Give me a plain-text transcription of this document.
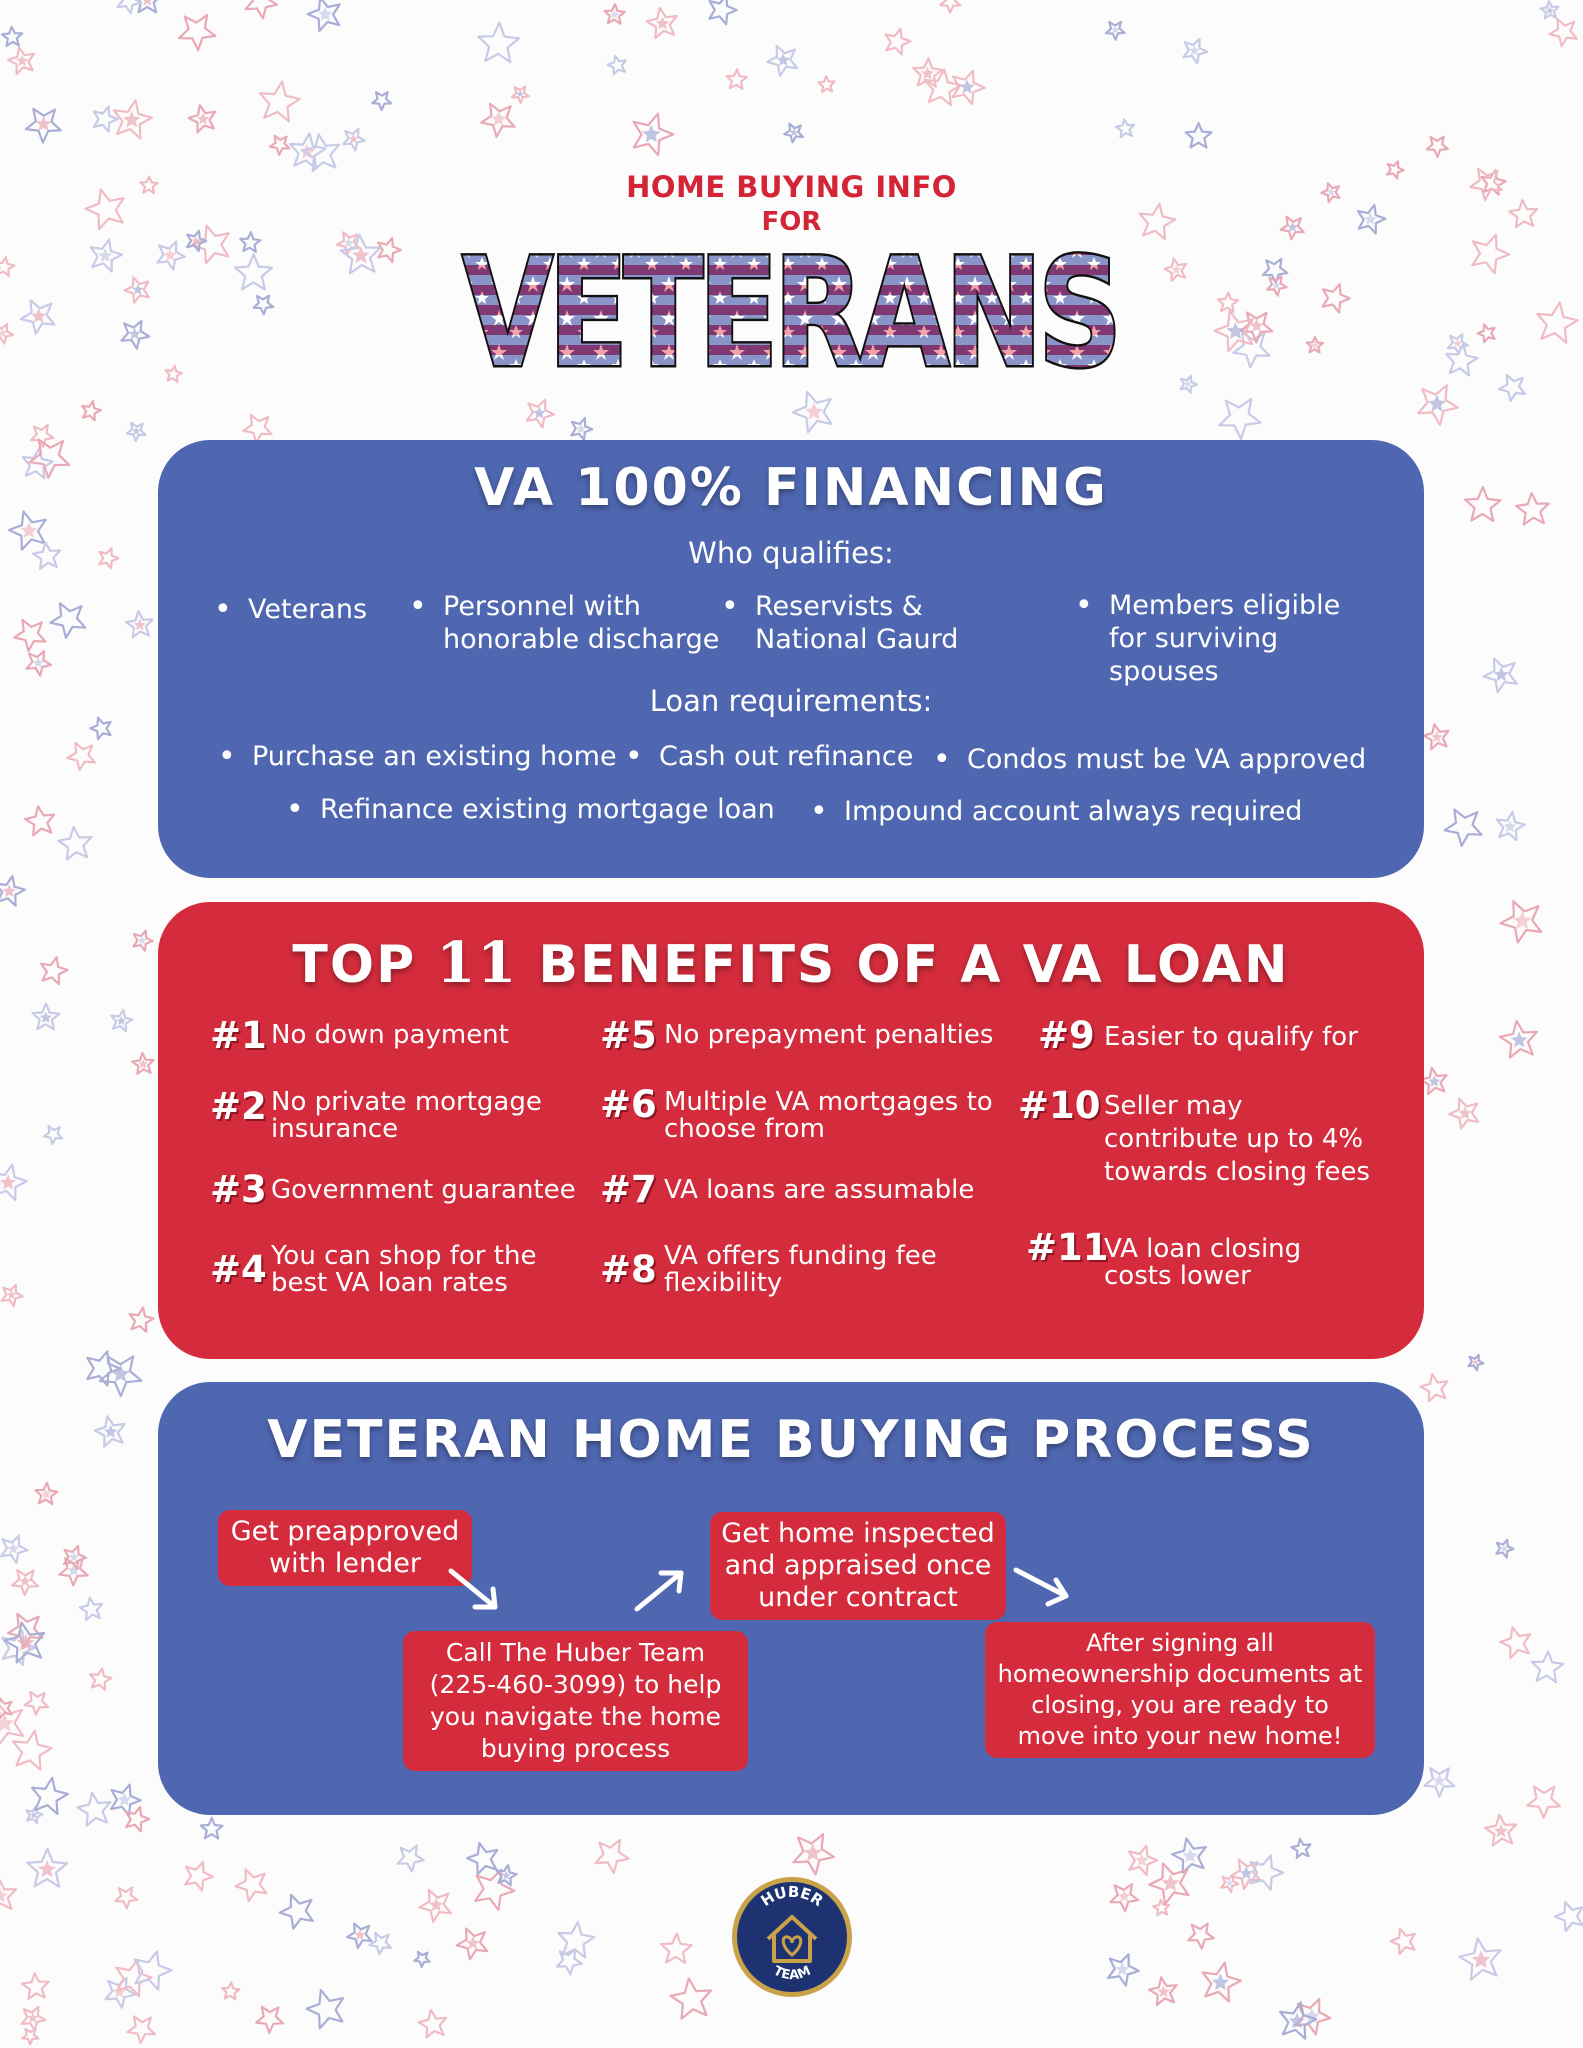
HOME BUYING INFO
FOR
VETERANS
VETERANS
VA 100% FINANCING
Who qualifies:
• Veterans	• Personnel with honorable discharge
• Reservists & National Gaurd
• Members eligible for surviving spouses
Loan requirements:
• Purchase an existing home	• Cash out refinance	• Condos must be VA approved
• Refinance existing mortgage loan	• Impound account always required
TOP 11 BENEFITS OF A VA LOAN
#1 No down payment
#2 No private mortgage insurance
#3 Government guarantee
#4 You can shop for the best VA loan rates
#5 No prepayment penalties
#6 Multiple VA mortgages to choose from
#7 VA loans are assumable
#8 VA offers funding fee flexibility
#9 Easier to qualify for
#10 Seller may contribute up to 4% towards closing fees
#11
VA loan closing costs lower
VETERAN HOME BUYING PROCESS
Get preapproved with lender
Call The Huber Team (225-460-3099) to help you navigate the home buying process
Get home inspected and appraised once under contract
After signing all homeownership documents at closing, you are ready to move into your new home!
HUBER
TEAM
